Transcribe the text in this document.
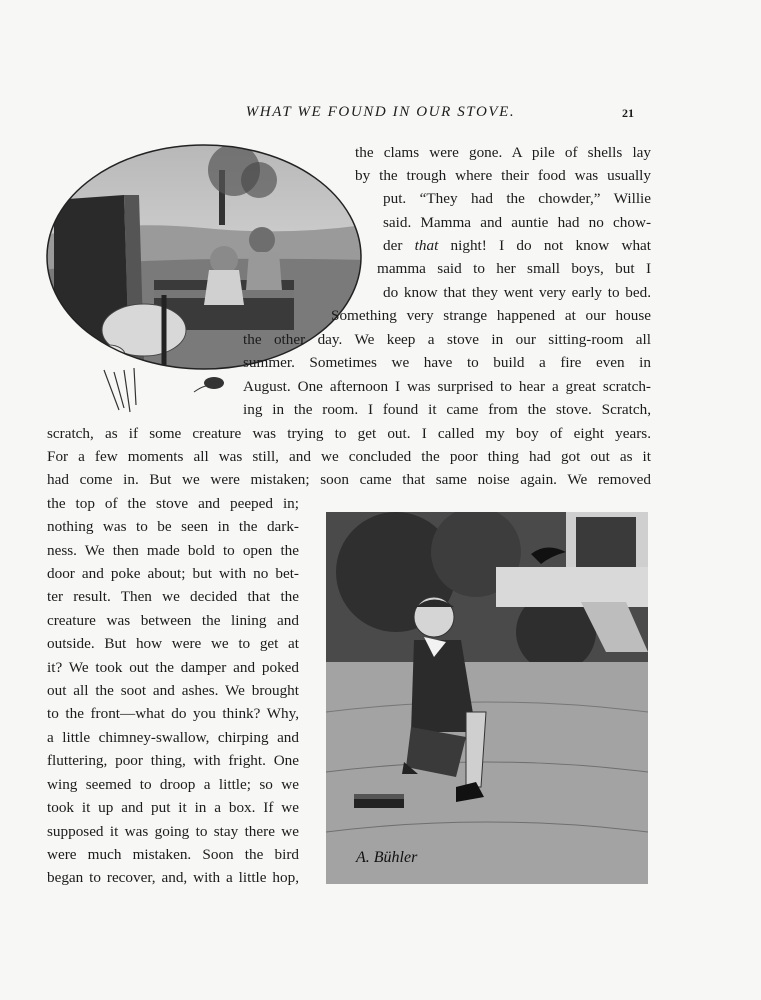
WHAT WE FOUND IN OUR STOVE.	21
A. Bühler
the clams were gone. A pile of shells lay
by the trough where their food was usually
put. “They had the chowder,” Willie
said. Mamma and auntie had no chow-
der that night! I do not know what
mamma said to her small boys, but I
do know that they went very early to bed.
Something very strange happened at our house
the other day. We keep a stove in our sitting-room all
summer. Sometimes we have to build a fire even in
August. One afternoon I was surprised to hear a great scratch-
ing in the room. I found it came from the stove. Scratch,
scratch, as if some creature was trying to get out. I called my boy of eight years.
For a few moments all was still, and we concluded the poor thing had got out as it
had come in. But we were mistaken; soon came that same noise again. We removed
the top of the stove and peeped in;
nothing was to be seen in the dark-
ness. We then made bold to open the
door and poke about; but with no bet-
ter result. Then we decided that the
creature was between the lining and
outside. But how were we to get at
it? We took out the damper and poked
out all the soot and ashes. We brought
to the front—what do you think? Why,
a little chimney-swallow, chirping and
fluttering, poor thing, with fright. One
wing seemed to droop a little; so we
took it up and put it in a box. If we
supposed it was going to stay there we
were much mistaken. Soon the bird
began to recover, and, with a little hop,
